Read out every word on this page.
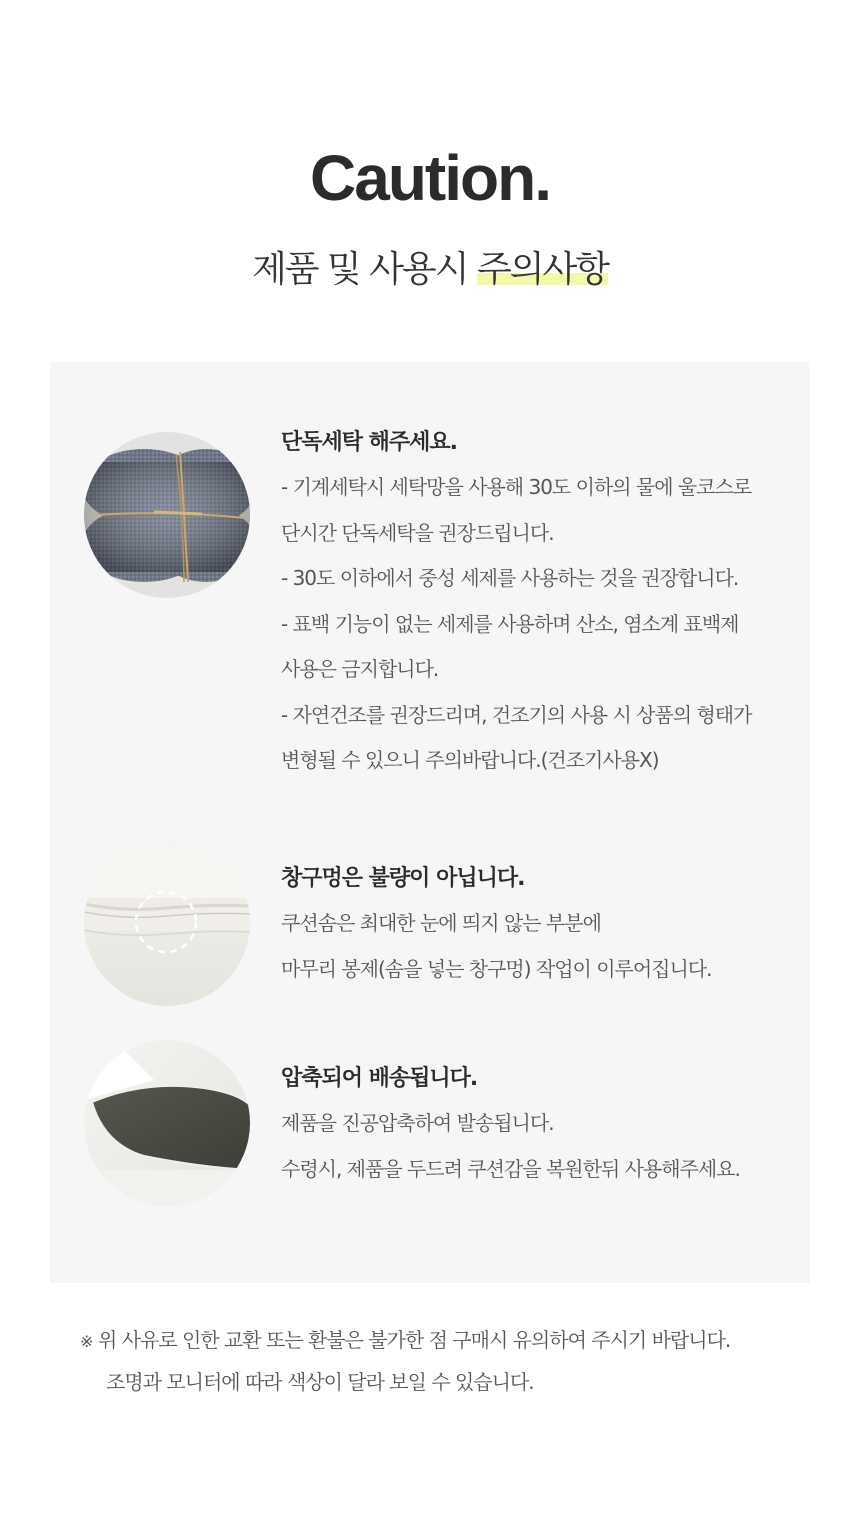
Caution.
제품 및 사용시 주의사항
단독세탁 해주세요.
- 기계세탁시 세탁망을 사용해 30도 이하의 물에 울코스로
단시간 단독세탁을 권장드립니다.
- 30도 이하에서 중성 세제를 사용하는 것을 권장합니다.
- 표백 기능이 없는 세제를 사용하며 산소, 염소계 표백제
사용은 금지합니다.
- 자연건조를 권장드리며, 건조기의 사용 시 상품의 형태가
변형될 수 있으니 주의바랍니다.(건조기사용X)
창구멍은 불량이 아닙니다.
쿠션솜은 최대한 눈에 띄지 않는 부분에
마무리 봉제(솜을 넣는 창구멍) 작업이 이루어집니다.
압축되어 배송됩니다.
제품을 진공압축하여 발송됩니다.
수령시, 제품을 두드려 쿠션감을 복원한뒤 사용해주세요.
※ 위 사유로 인한 교환 또는 환불은 불가한 점 구매시 유의하여 주시기 바랍니다.
조명과 모니터에 따라 색상이 달라 보일 수 있습니다.
